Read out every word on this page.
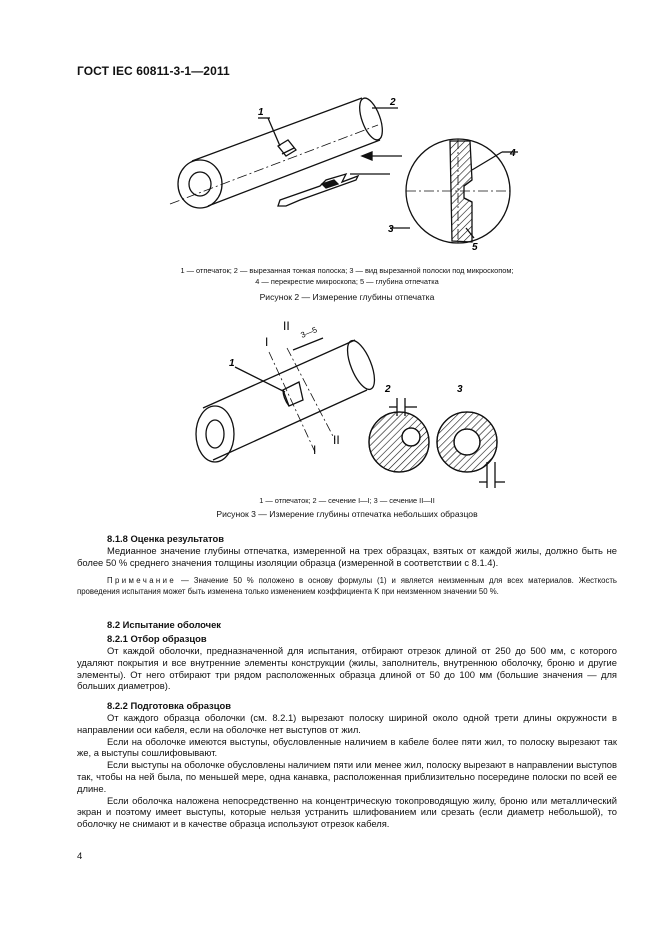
ГОСТ IEC 60811-3-1—2011
1
2
3
4
5
1 — отпечаток; 2 — вырезанная тонкая полоска; 3 — вид вырезанной полоски под микроскопом;
4 — перекрестие микроскопа; 5 — глубина отпечатка
Рисунок 2 — Измерение глубины отпечатка
1
2	3
I
II
I
II
3—5
1 — отпечаток; 2 — сечение I—I; 3 — сечение II—II
Рисунок 3 — Измерение глубины отпечатка небольших образцов
8.1.8 Оценка результатов

Медианное значение глубины отпечатка, измеренной на трех образцах, взятых от каждой жилы, должно быть не более 50 % среднего значения толщины изоляции образца (измеренной в соответствии с 8.1.4).

Примечание — Значение 50 % положено в основу формулы (1) и является неизменным для всех материалов. Жесткость проведения испытания может быть изменена только изменением коэффициента K при неизменном значении 50 %.

8.2 Испытание оболочек
8.2.1 Отбор образцов

От каждой оболочки, предназначенной для испытания, отбирают отрезок длиной от 250 до 500 мм, с которого удаляют покрытия и все внутренние элементы конструкции (жилы, заполнитель, внутреннюю оболочку, броню и другие элементы). От него отбирают три рядом расположенных образца длиной от 50 до 100 мм (большие значения — для больших диаметров).

8.2.2 Подготовка образцов

От каждого образца оболочки (см. 8.2.1) вырезают полоску шириной около одной трети длины окружности в направлении оси кабеля, если на оболочке нет выступов от жил.

Если на оболочке имеются выступы, обусловленные наличием в кабеле более пяти жил, то полоску вырезают так же, а выступы сошлифовывают.

Если выступы на оболочке обусловлены наличием пяти или менее жил, полоску вырезают в направлении выступов так, чтобы на ней была, по меньшей мере, одна канавка, расположенная приблизительно посередине полоски по всей ее длине.

Если оболочка наложена непосредственно на концентрическую токопроводящую жилу, броню или металлический экран и поэтому имеет выступы, которые нельзя устранить шлифованием или срезать (если диаметр небольшой), то оболочку не снимают и в качестве образца используют отрезок кабеля.

4
